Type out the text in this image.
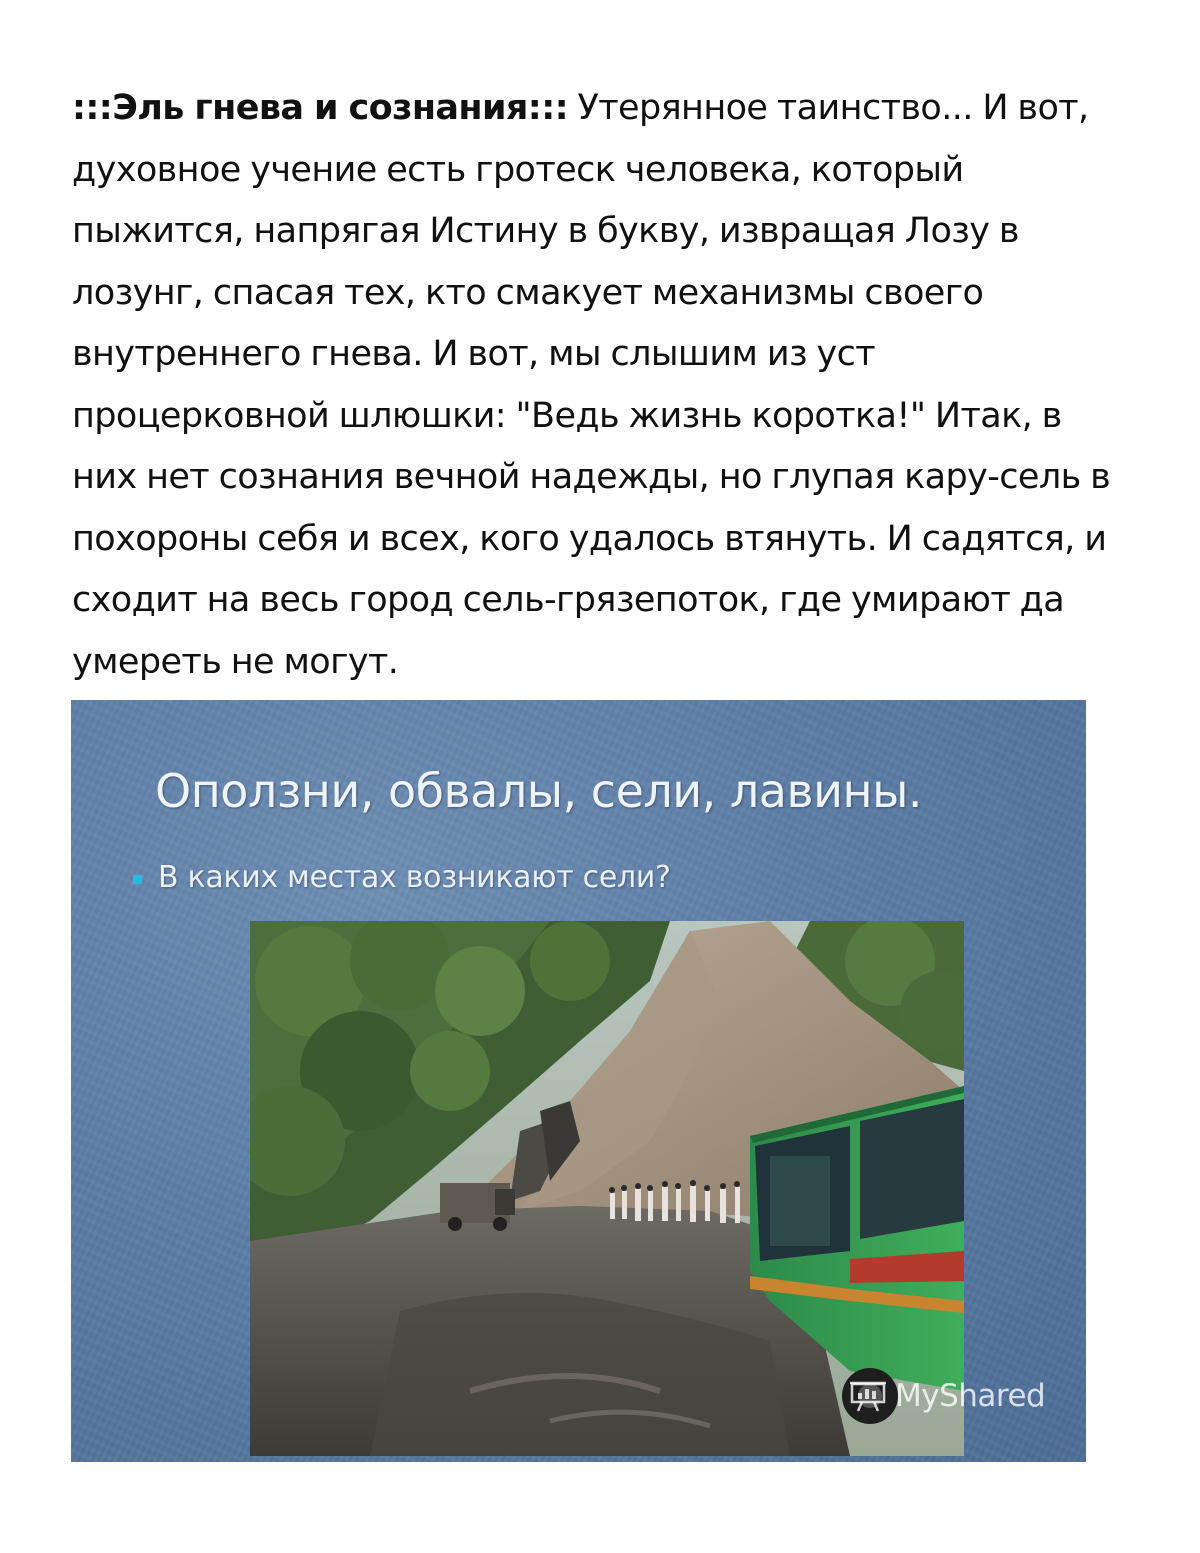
:::Эль гнева и сознания::: Утерянное таинство... И вот, духовное учение есть гротеск человека, который пыжится, напрягая Истину в букву, извращая Лозу в лозунг, спасая тех, кто смакует механизмы своего внутреннего гнева. И вот, мы слышим из уст процерковной шлюшки: "Ведь жизнь коротка!" Итак, в них нет сознания вечной надежды, но глупая кару-сель в похороны себя и всех, кого удалось втянуть. И садятся, и сходит на весь город сель-грязепоток, где умирают да умереть не могут.
Оползни, обвалы, сели, лавины.
В каких местах возникают сели?
MyShared
